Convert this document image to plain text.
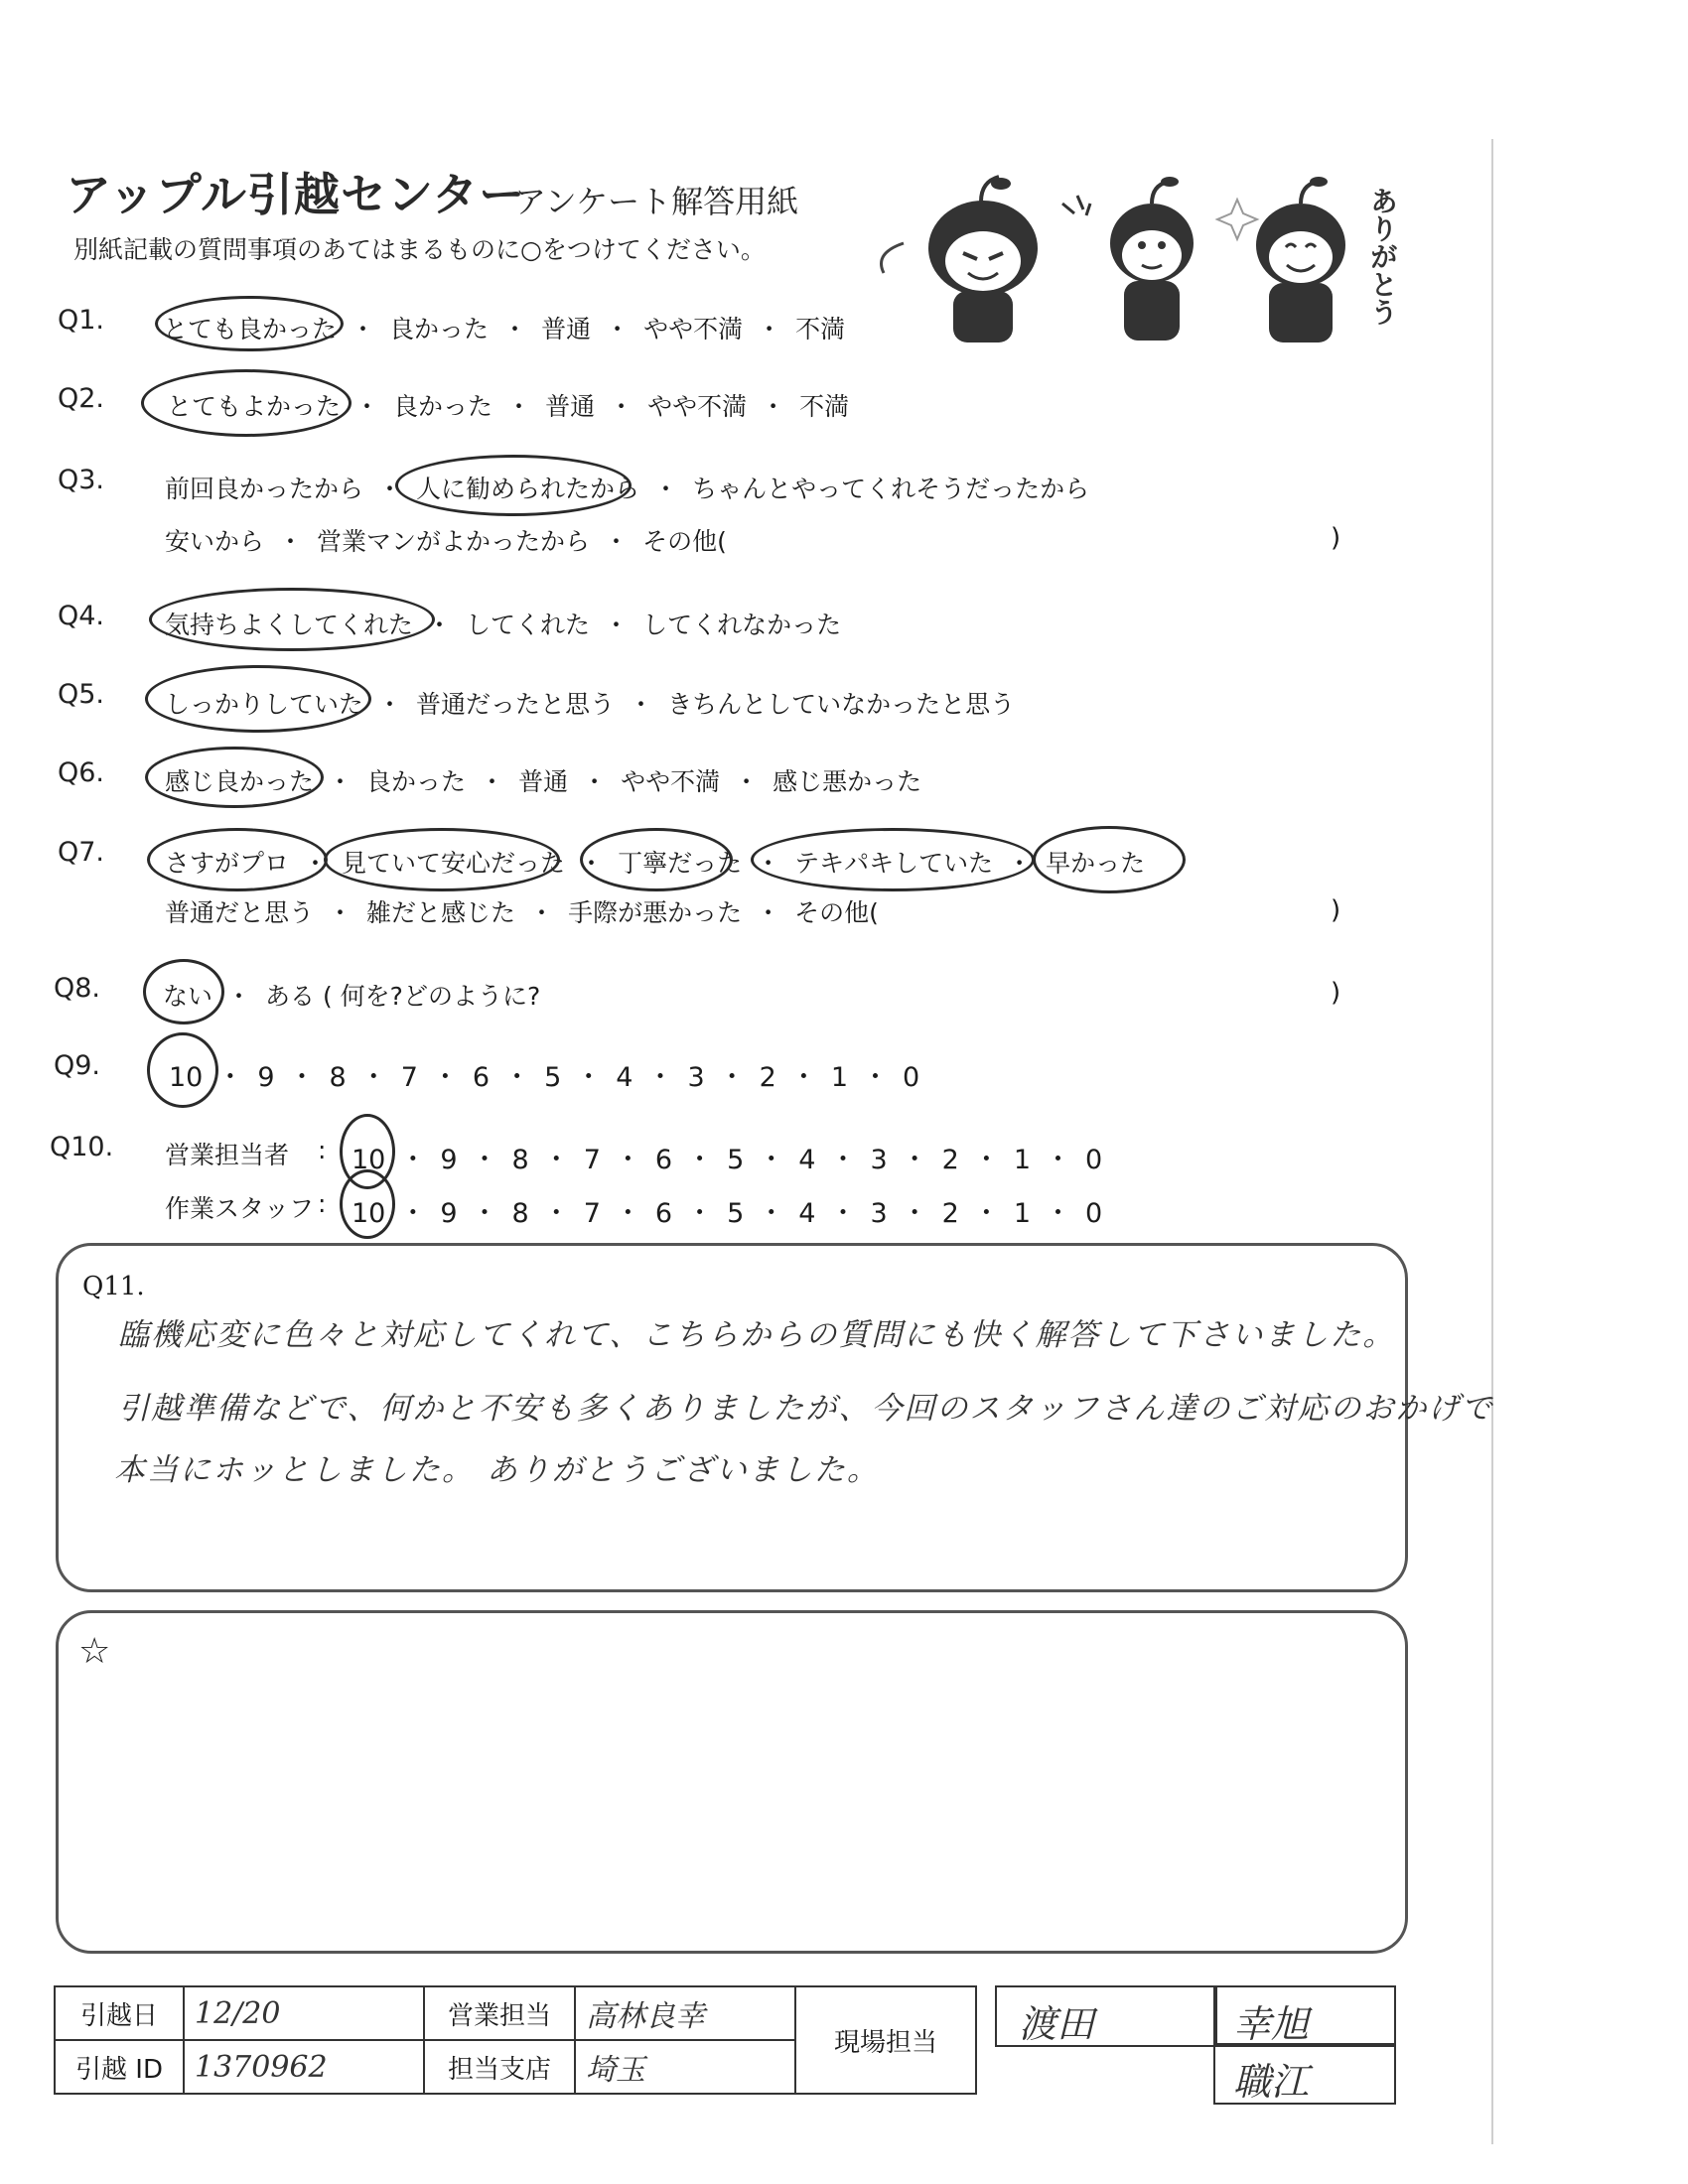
アップル引越センター
アンケート解答用紙
別紙記載の質問事項のあてはまるものに○をつけてください。	ありがとう
Q1. とても良かった ・ 良かった ・ 普通 ・ やや不満 ・ 不満
Q2.	とてもよかった ・ 良かった ・ 普通 ・ やや不満 ・ 不満
Q3. 前回良かったから ・ 人に勧められたから ・ ちゃんとやってくれそうだったから
安いから ・ 営業マンがよかったから ・ その他(	)
Q4. 気持ちよくしてくれた ・ してくれた ・ してくれなかった
Q5. しっかりしていた ・ 普通だったと思う ・ きちんとしていなかったと思う
Q6. 感じ良かった ・ 良かった ・ 普通 ・ やや不満 ・ 感じ悪かった
Q7. さすがプロ ・ 見ていて安心だった ・ 丁寧だった ・ テキパキしていた ・ 早かった
普通だと思う ・ 雑だと感じた ・ 手際が悪かった ・ その他(	)
Q8.	ない ・ ある ( 何を?どのように?	)
Q9.	10 ・ 9 ・ 8 ・ 7 ・ 6 ・ 5 ・ 4 ・ 3 ・ 2 ・ 1 ・ 0
Q10. 営業担当者 : 10 ・ 9 ・ 8 ・ 7 ・ 6 ・ 5 ・ 4 ・ 3 ・ 2 ・ 1 ・ 0
作業スタッフ : 10 ・ 9 ・ 8 ・ 7 ・ 6 ・ 5 ・ 4 ・ 3 ・ 2 ・ 1 ・ 0
Q11.
臨機応変に色々と対応してくれて、こちらからの質問にも快く解答して下さいました。
引越準備などで、何かと不安も多くありましたが、今回のスタッフさん達のご対応のおかげで
本当にホッとしました。 ありがとうございました。
☆
引越日	12/20	営業担当	高林良幸	現場担当	
引越 ID	1370962	担当支店	埼玉		
渡田	幸旭
職江
